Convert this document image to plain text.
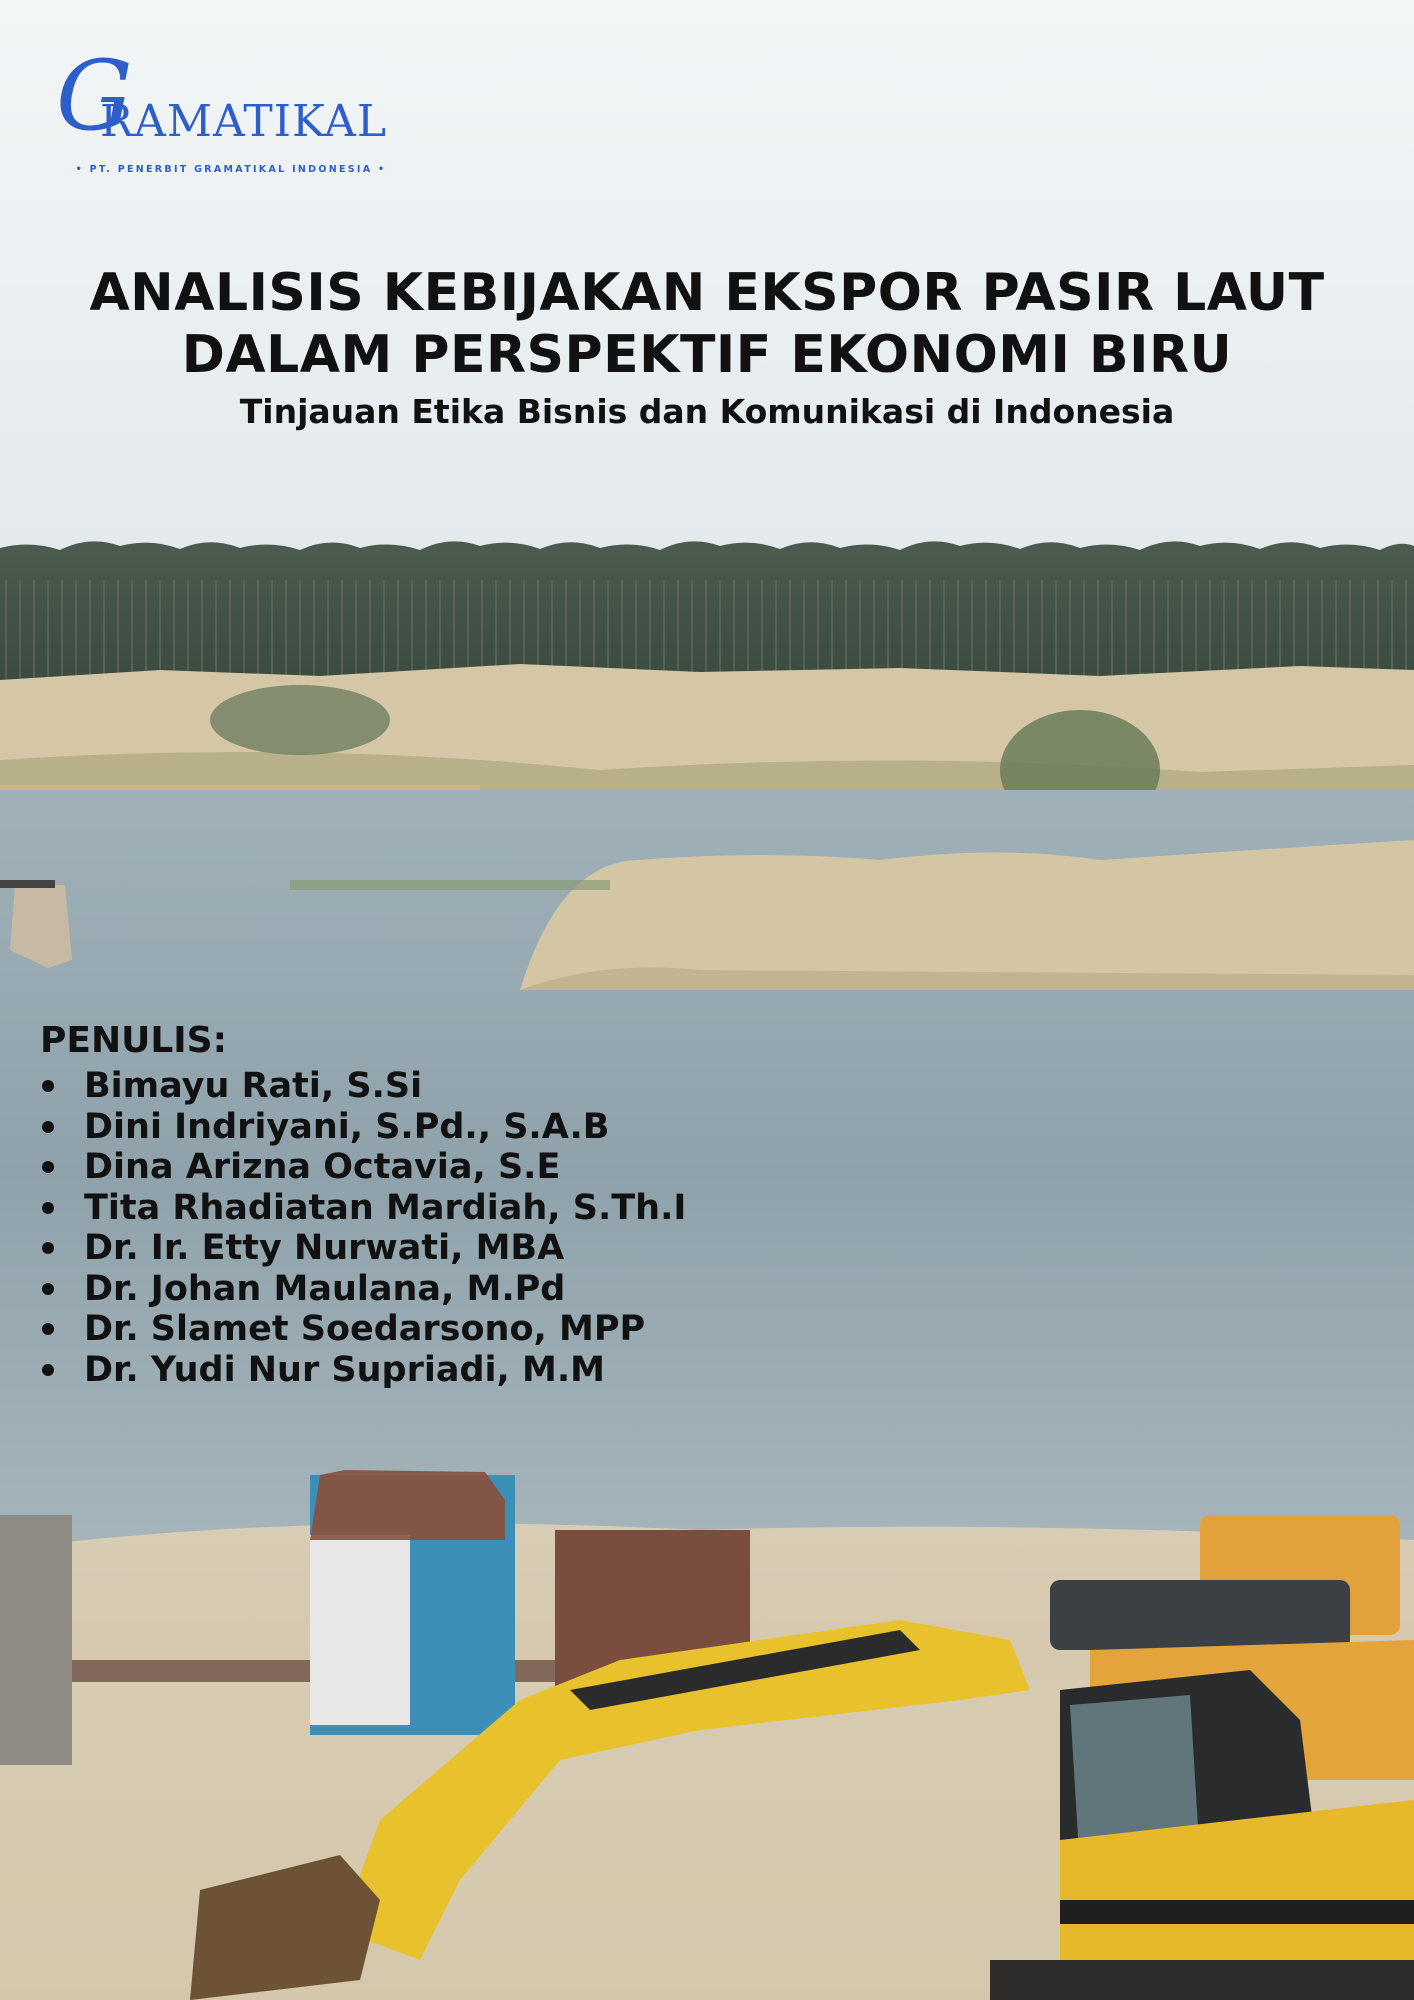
G
RAMATIKAL
• PT. PENERBIT GRAMATIKAL INDONESIA •

ANALISIS KEBIJAKAN EKSPOR PASIR LAUT

DALAM PERSPEKTIF EKONOMI BIRU

Tinjauan Etika Bisnis dan Komunikasi di Indonesia

PENULIS:

Bimayu Rati, S.Si
Dini Indriyani, S.Pd., S.A.B
Dina Arizna Octavia, S.E
Tita Rhadiatan Mardiah, S.Th.I
Dr. Ir. Etty Nurwati, MBA
Dr. Johan Maulana, M.Pd
Dr. Slamet Soedarsono, MPP
Dr. Yudi Nur Supriadi, M.M
